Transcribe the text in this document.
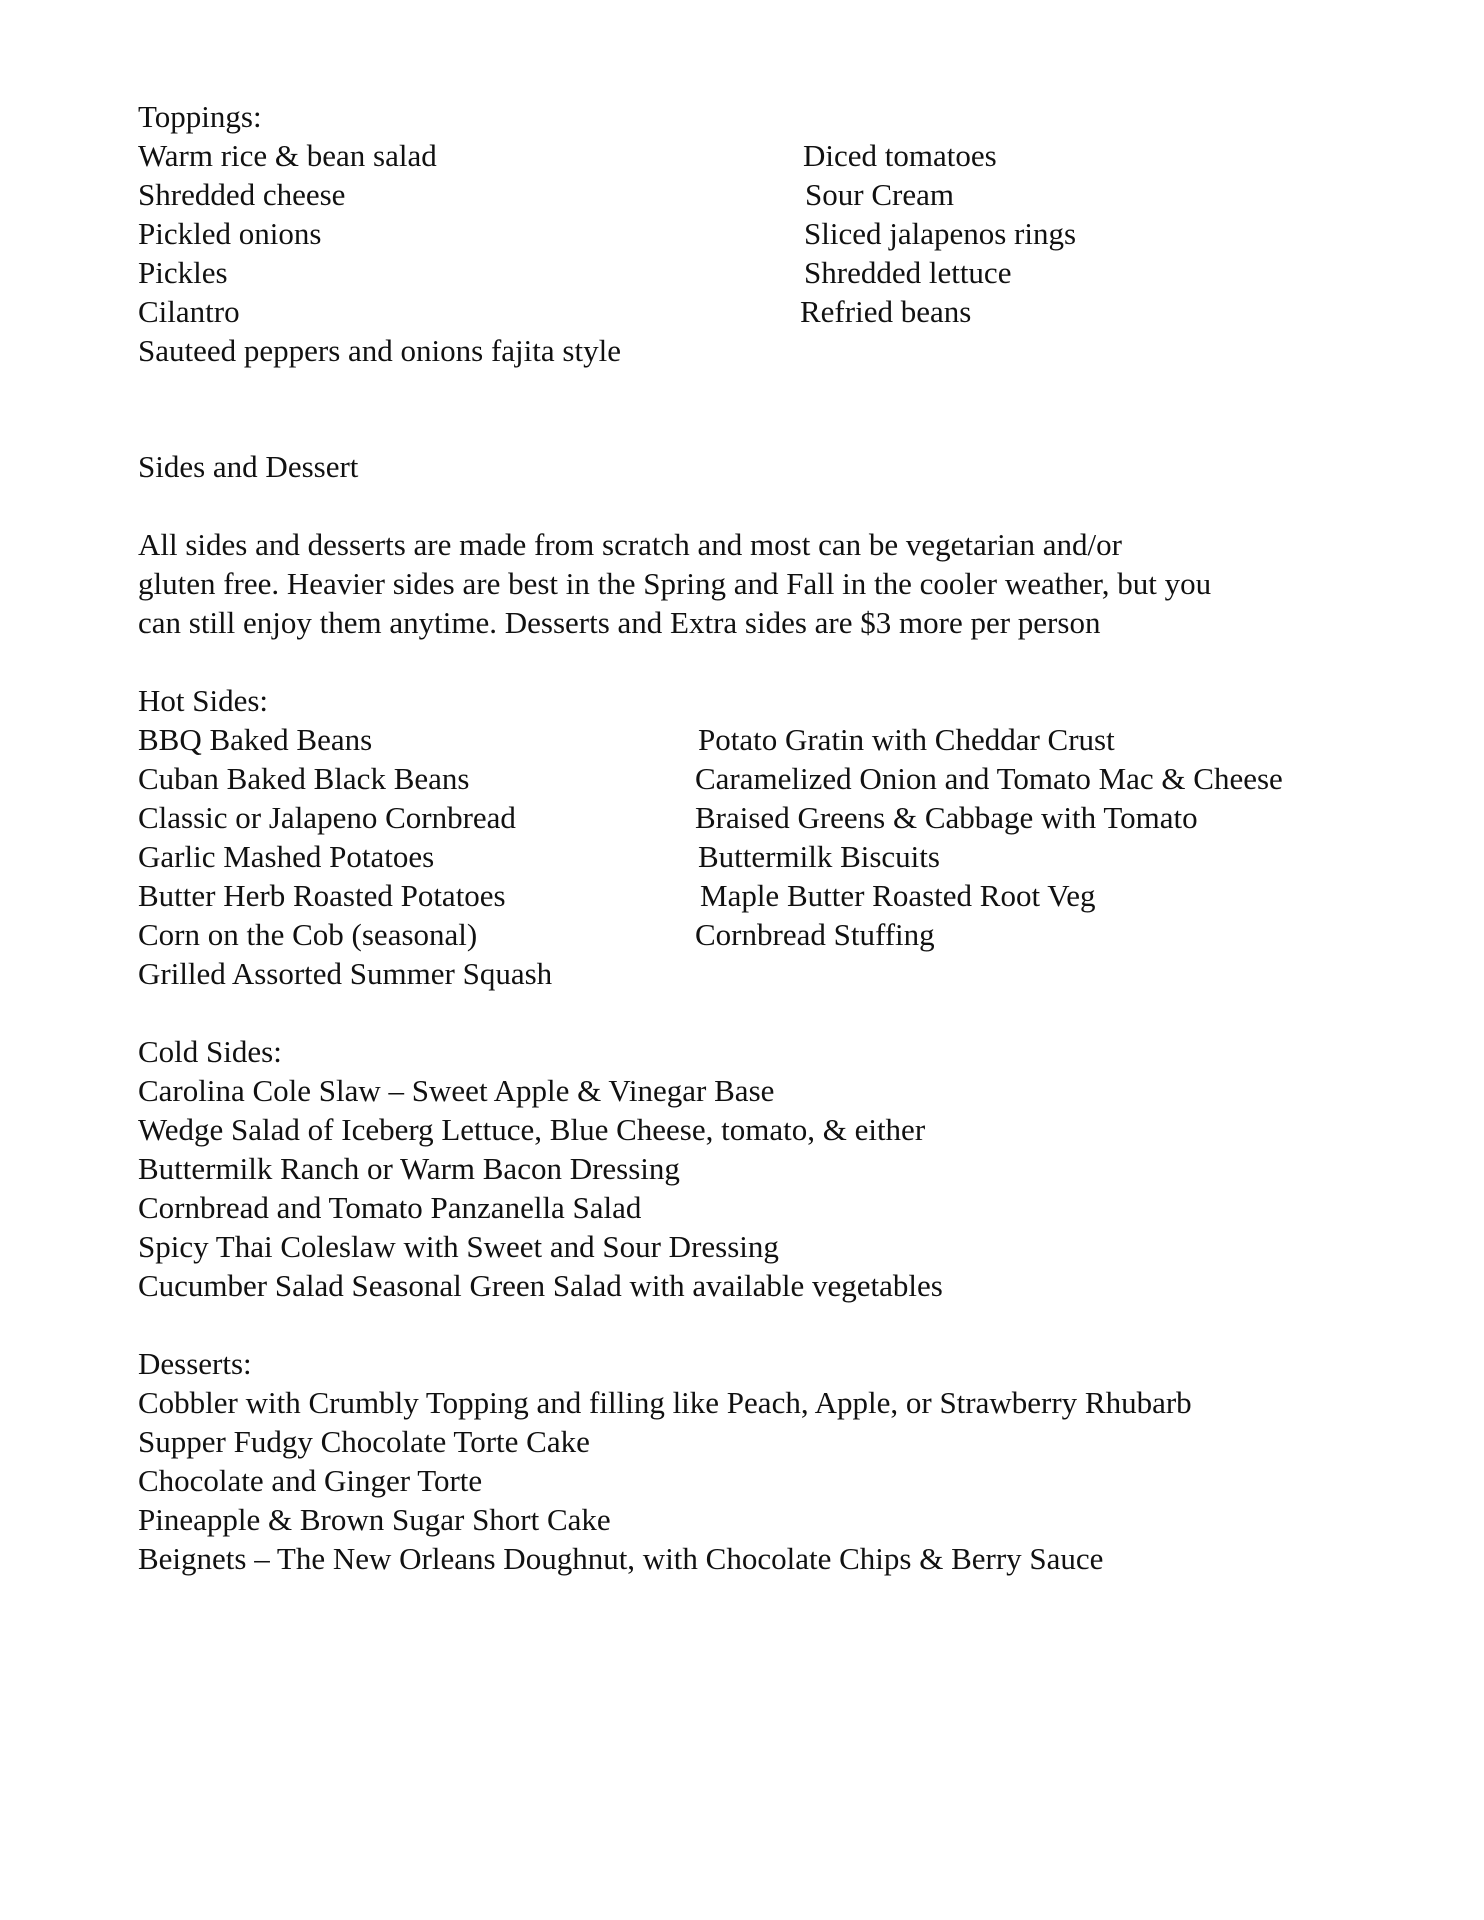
Toppings:
Warm rice & bean salad
Shredded cheese
Pickled onions
Pickles
Cilantro
Sauteed peppers and onions fajita style
Diced tomatoes
Sour Cream
Sliced jalapenos rings
Shredded lettuce
Refried beans
Sides and Dessert
All sides and desserts are made from scratch and most can be vegetarian and/or
gluten free. Heavier sides are best in the Spring and Fall in the cooler weather, but you
can still enjoy them anytime. Desserts and Extra sides are $3 more per person
Hot Sides:
BBQ Baked Beans
Cuban Baked Black Beans
Classic or Jalapeno Cornbread
Garlic Mashed Potatoes
Butter Herb Roasted Potatoes
Corn on the Cob (seasonal)
Grilled Assorted Summer Squash
Potato Gratin with Cheddar Crust
Caramelized Onion and Tomato Mac & Cheese
Braised Greens & Cabbage with Tomato
Buttermilk Biscuits
Maple Butter Roasted Root Veg
Cornbread Stuffing
Cold Sides:
Carolina Cole Slaw – Sweet Apple & Vinegar Base
Wedge Salad of Iceberg Lettuce, Blue Cheese, tomato, & either
Buttermilk Ranch or Warm Bacon Dressing
Cornbread and Tomato Panzanella Salad
Spicy Thai Coleslaw with Sweet and Sour Dressing
Cucumber Salad Seasonal Green Salad with available vegetables
Desserts:
Cobbler with Crumbly Topping and filling like Peach, Apple, or Strawberry Rhubarb
Supper Fudgy Chocolate Torte Cake
Chocolate and Ginger Torte
Pineapple & Brown Sugar Short Cake
Beignets – The New Orleans Doughnut, with Chocolate Chips & Berry Sauce
